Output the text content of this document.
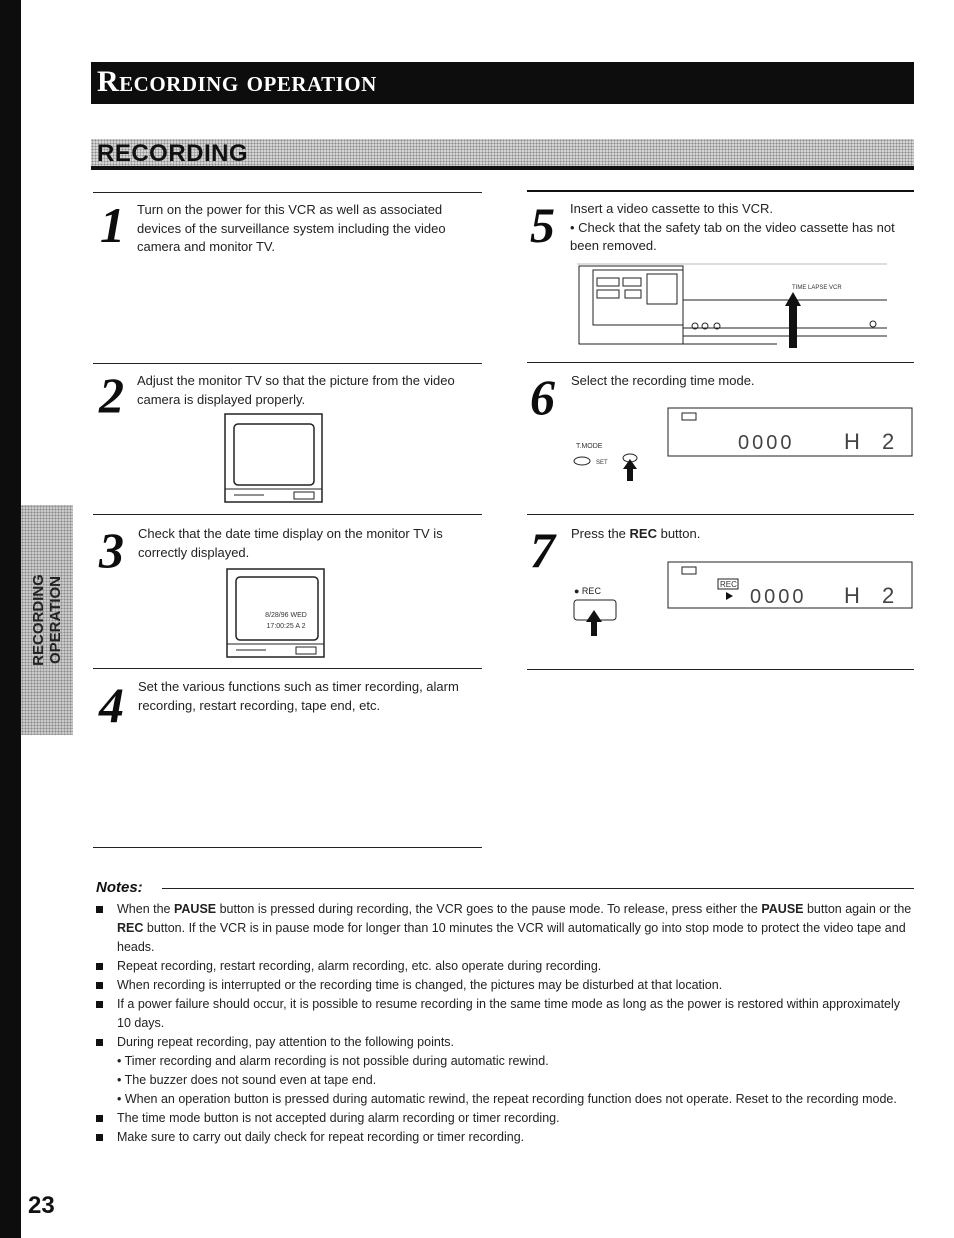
RECORDING OPERATION
Recording operation
RECORDING
1 Turn on the power for this VCR as well as associated devices of the surveillance system including the video camera and monitor TV.
2 Adjust the monitor TV so that the picture from the video camera is displayed properly.
3 Check that the date time display on the monitor TV is correctly displayed.
8/28/96 WED
17:00:25 A 2
4 Set the various functions such as timer recording, alarm recording, restart recording, tape end, etc.
5 Insert a video cassette to this VCR.
• Check that the safety tab on the video cassette has not been removed.
TIME LAPSE VCR
6 Select the recording time mode.
0000 H 2
T.MODE
SET
7 Press the REC button.
REC
0000 H 2
● REC
Notes:
When the PAUSE button is pressed during recording, the VCR goes to the pause mode. To release, press either the PAUSE button again or the REC button. If the VCR is in pause mode for longer than 10 minutes the VCR will automatically go into stop mode to protect the video tape and heads.
Repeat recording, restart recording, alarm recording, etc. also operate during recording.
When recording is interrupted or the recording time is changed, the pictures may be disturbed at that location.
If a power failure should occur, it is possible to resume recording in the same time mode as long as the power is restored within approximately 10 days.
During repeat recording, pay attention to the following points.
• Timer recording and alarm recording is not possible during automatic rewind.
• The buzzer does not sound even at tape end.
• When an operation button is pressed during automatic rewind, the repeat recording function does not operate. Reset to the recording mode.
The time mode button is not accepted during alarm recording or timer recording.
Make sure to carry out daily check for repeat recording or timer recording.
23
